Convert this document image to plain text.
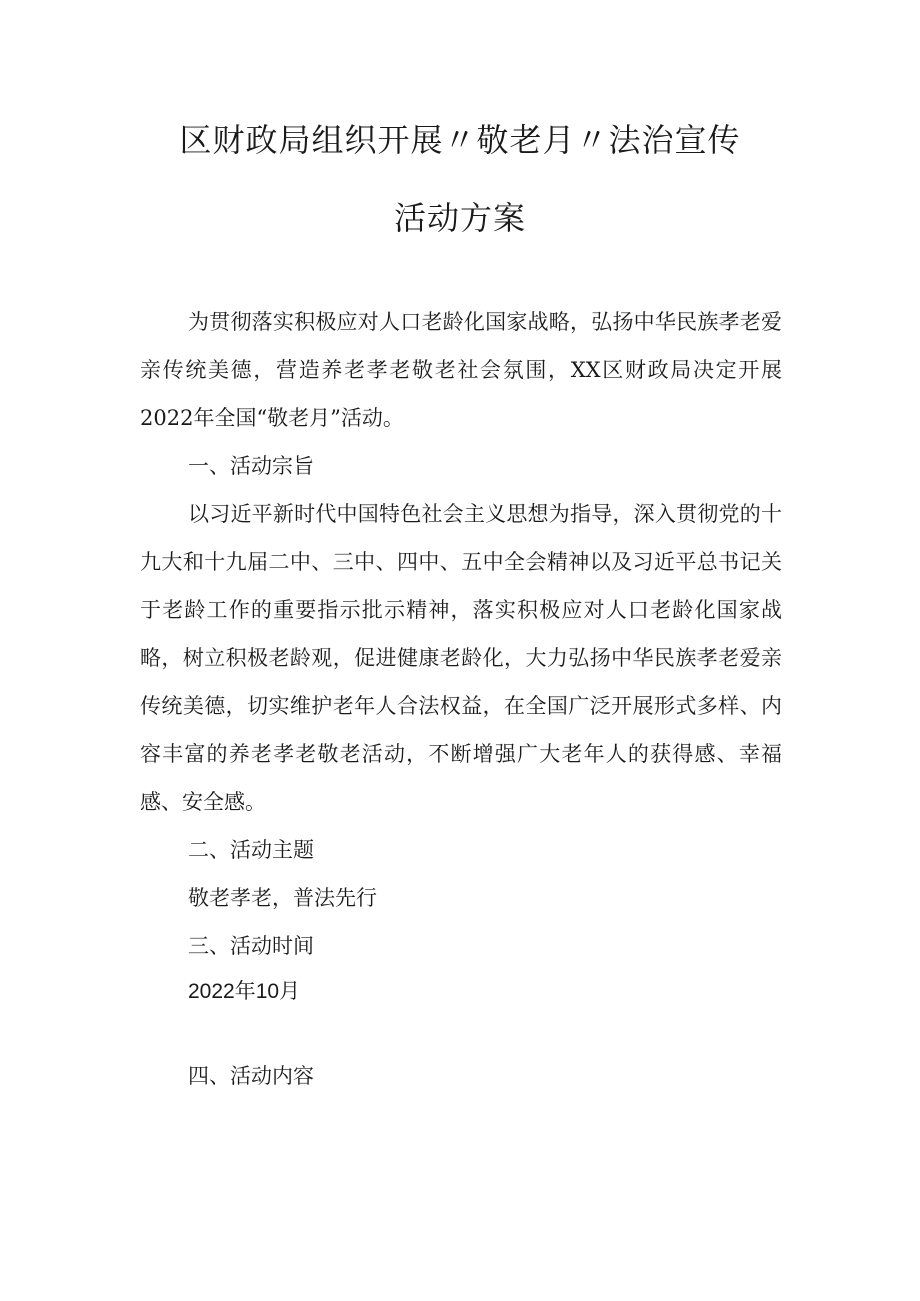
区财政局组织开展〃敬老月〃法治宣传
活动方案

为贯彻落实积极应对人口老龄化国家战略，弘扬中华民族孝老爱亲传统美德，营造养老孝老敬老社会氛围，XX区财政局决定开展2022年全国“敬老月”活动。

一、活动宗旨

以习近平新时代中国特色社会主义思想为指导，深入贯彻党的十九大和十九届二中、三中、四中、五中全会精神以及习近平总书记关于老龄工作的重要指示批示精神，落实积极应对人口老龄化国家战略，树立积极老龄观，促进健康老龄化，大力弘扬中华民族孝老爱亲传统美德，切实维护老年人合法权益，在全国广泛开展形式多样、内容丰富的养老孝老敬老活动，不断增强广大老年人的获得感、幸福感、安全感。

二、活动主题

敬老孝老，普法先行

三、活动时间

2022年10月

四、活动内容
